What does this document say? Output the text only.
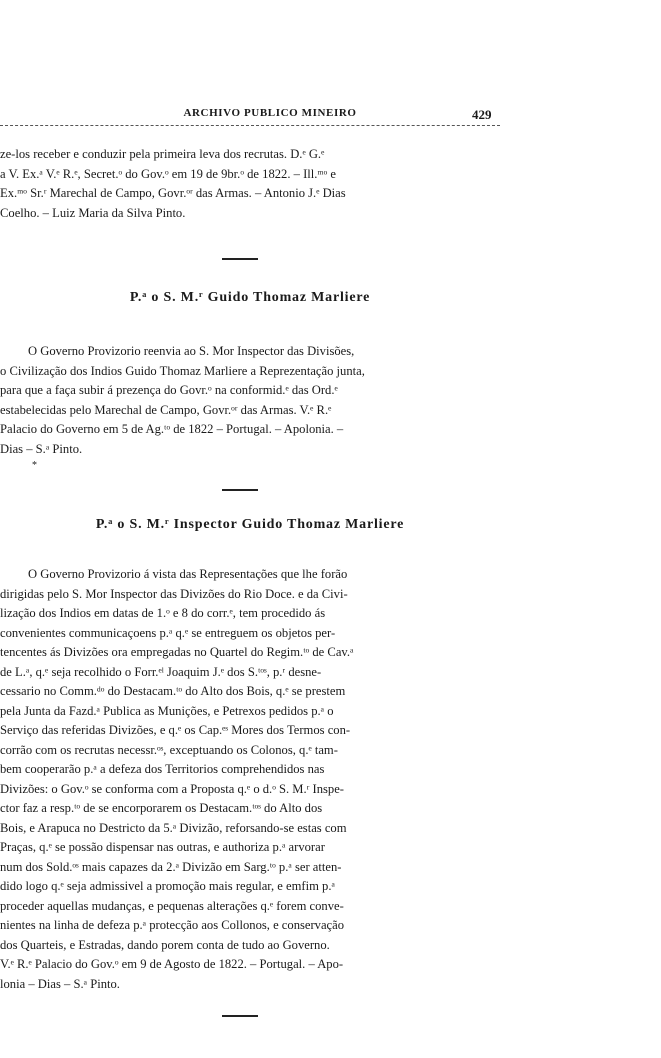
ARCHIVO PUBLICO MINEIRO	429
ze-los receber e conduzir pela primeira leva dos recrutas. D.ᵉ G.ᵉ
a V. Ex.ᵃ V.ᵉ R.ᵉ, Secret.ᵒ do Gov.ᵒ em 19 de 9br.ᵒ de 1822. – Ill.ᵐᵒ e
Ex.ᵐᵒ Sr.ʳ Marechal de Campo, Govr.ᵒʳ das Armas. – Antonio J.ᵉ Dias
Coelho. – Luiz Maria da Silva Pinto.
P.ᵃ o S. M.ʳ Guido Thomaz Marliere
O Governo Provizorio reenvia ao S. Mor Inspector das Divisões,
o Civilização dos Indios Guido Thomaz Marliere a Reprezentação junta,
para que a faça subir á prezença do Govr.ᵒ na conformid.ᵉ das Ord.ᵉ
estabelecidas pelo Marechal de Campo, Govr.ᵒʳ das Armas. V.ᵉ R.ᵉ
Palacio do Governo em 5 de Ag.ᵗᵒ de 1822 – Portugal. – Apolonia. –
Dias – S.ᵃ Pinto.
*
P.ᵃ o S. M.ʳ Inspector Guido Thomaz Marliere
O Governo Provizorio á vista das Representações que lhe forão
dirigidas pelo S. Mor Inspector das Divizões do Rio Doce. e da Civi-
lização dos Indios em datas de 1.ᵒ e 8 do corr.ᵉ, tem procedido ás
convenientes communicaçoens p.ᵃ q.ᵉ se entreguem os objetos per-
tencentes ás Divizões ora empregadas no Quartel do Regim.ᵗᵒ de Cav.ᵃ
de L.ᵃ, q.ᵉ seja recolhido o Forr.ᵉˡ Joaquim J.ᵉ dos S.ᵗᵒˢ, p.ʳ desne-
cessario no Comm.ᵈᵒ do Destacam.ᵗᵒ do Alto dos Bois, q.ᵉ se prestem
pela Junta da Fazd.ᵃ Publica as Munições, e Petrexos pedidos p.ᵃ o
Serviço das referidas Divizões, e q.ᵉ os Cap.ᵉˢ Mores dos Termos con-
corrão com os recrutas necessr.ᵒˢ, exceptuando os Colonos, q.ᵉ tam-
bem cooperarão p.ᵃ a defeza dos Territorios comprehendidos nas
Divizões: o Gov.ᵒ se conforma com a Proposta q.ᵉ o d.ᵒ S. M.ʳ Inspe-
ctor faz a resp.ᵗᵒ de se encorporarem os Destacam.ᵗᵒˢ do Alto dos
Bois, e Arapuca no Destricto da 5.ᵃ Divizão, reforsando-se estas com
Praças, q.ᵉ se possão dispensar nas outras, e authoriza p.ᵃ arvorar
num dos Sold.ᵒˢ mais capazes da 2.ᵃ Divizão em Sarg.ᵗᵒ p.ᵃ ser atten-
dido logo q.ᵉ seja admissivel a promoção mais regular, e emfim p.ᵃ
proceder aquellas mudanças, e pequenas alterações q.ᵉ forem conve-
nientes na linha de defeza p.ᵃ protecção aos Collonos, e conservação
dos Quarteis, e Estradas, dando porem conta de tudo ao Governo.
V.ᵉ R.ᵉ Palacio do Gov.ᵒ em 9 de Agosto de 1822. – Portugal. – Apo-
lonia – Dias – S.ᵃ Pinto.
